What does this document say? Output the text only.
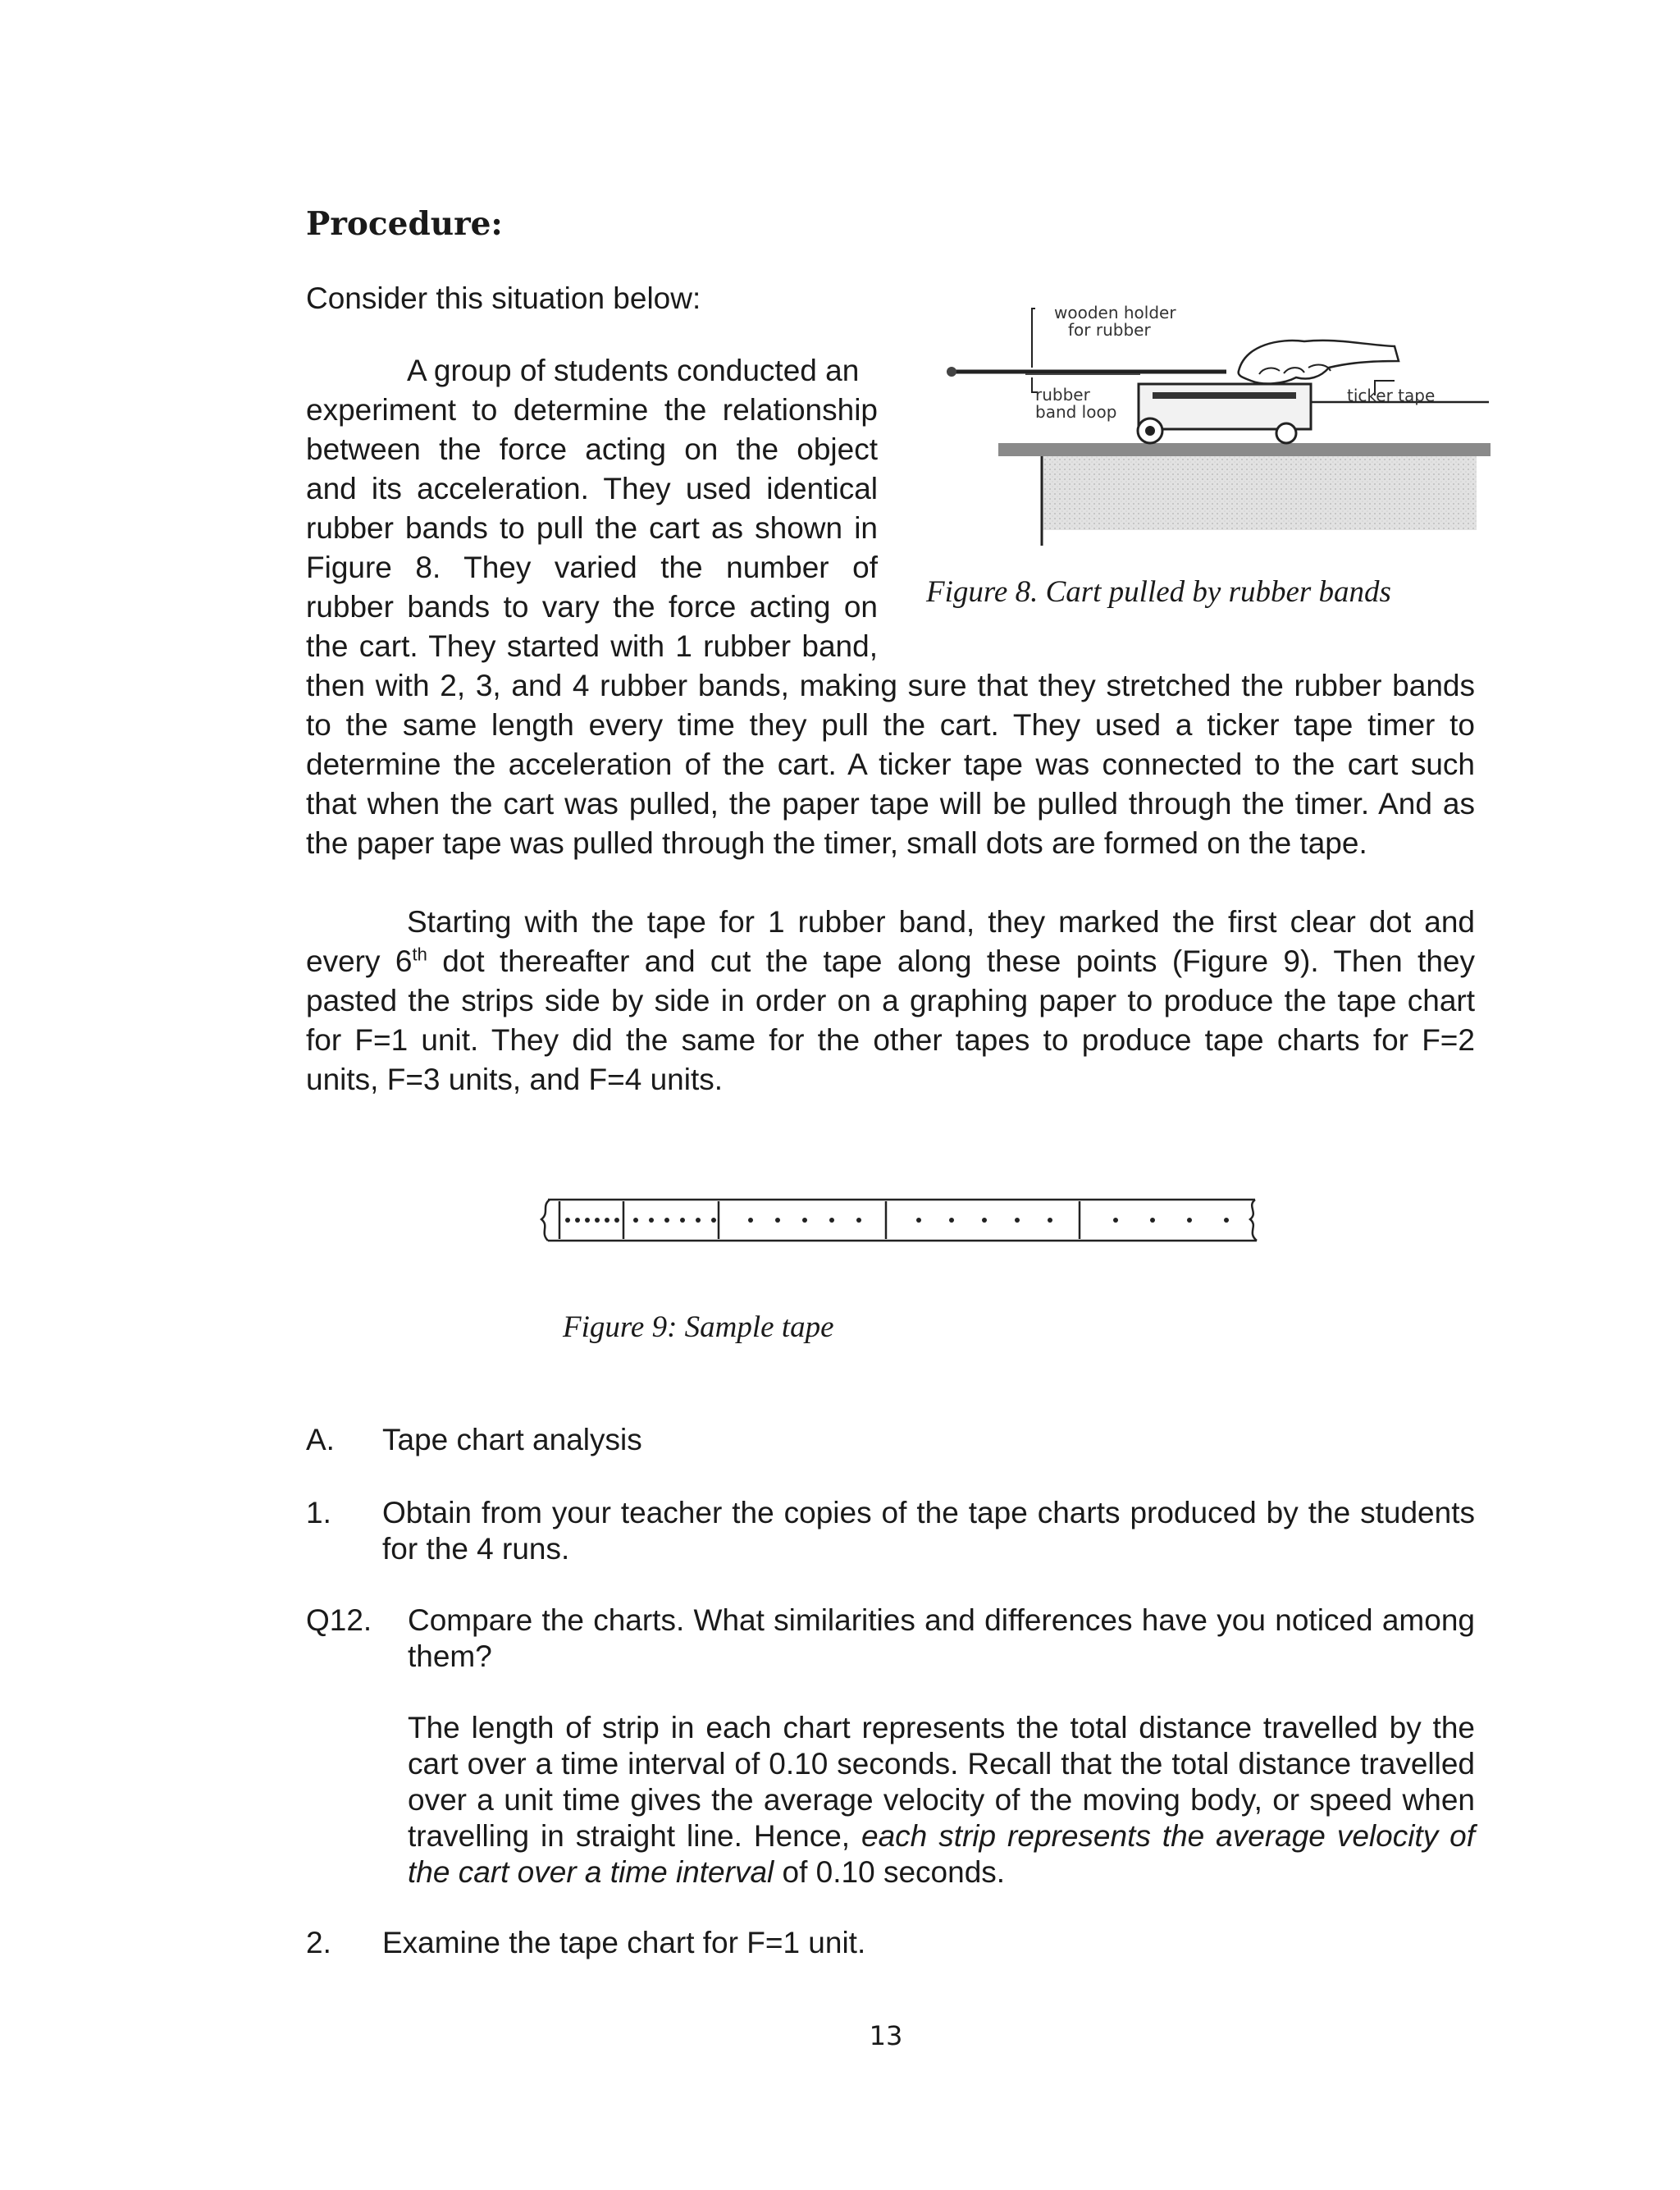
Procedure:
Consider this situation below:
A group of students conducted an
experiment to determine the relationship
between the force acting on the object
and its acceleration. They used identical
rubber bands to pull the cart as shown in
Figure 8. They varied the number of
rubber bands to vary the force acting on
the cart. They started with 1 rubber band,
then with 2, 3, and 4 rubber bands, making sure that they stretched the rubber bands to the same length every time they pull the cart. They used a ticker tape timer to determine the acceleration of the cart. A ticker tape was connected to the cart such that when the cart was pulled, the paper tape will be pulled through the timer. And as the paper tape was pulled through the timer, small dots are formed on the tape.
wooden holder
for rubber
rubber
band loop
ticker tape
Figure 8. Cart pulled by rubber bands
Starting with the tape for 1 rubber band, they marked the first clear dot and every 6th dot thereafter and cut the tape along these points (Figure 9). Then they pasted the strips side by side in order on a graphing paper to produce the tape chart for F=1 unit. They did the same for the other tapes to produce tape charts for F=2 units, F=3 units, and F=4 units.
Figure 9: Sample tape
A. Tape chart analysis
1. Obtain from your teacher the copies of the tape charts produced by the students for the 4 runs.
Q12. Compare the charts. What similarities and differences have you noticed among them?
The length of strip in each chart represents the total distance travelled by the cart over a time interval of 0.10 seconds. Recall that the total distance travelled over a unit time gives the average velocity of the moving body, or speed when travelling in straight line. Hence, each strip represents the average velocity of the cart over a time interval of 0.10 seconds.
2. Examine the tape chart for F=1 unit.
13
